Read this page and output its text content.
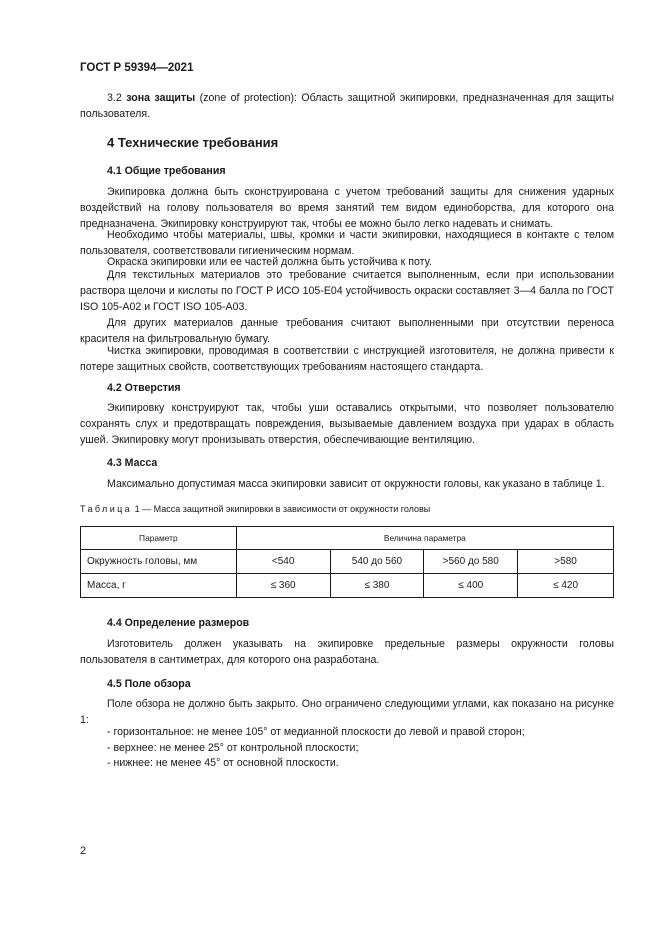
ГОСТ Р 59394—2021
3.2 зона защиты (zone of protection): Область защитной экипировки, предназначенная для защиты пользователя.
4 Технические требования
4.1 Общие требования
Экипировка должна быть сконструирована с учетом требований защиты для снижения ударных воздействий на голову пользователя во время занятий тем видом единоборства, для которого она предназначена. Экипировку конструируют так, чтобы ее можно было легко надевать и снимать.
Необходимо чтобы материалы, швы, кромки и части экипировки, находящиеся в контакте с телом пользователя, соответствовали гигиеническим нормам.
Окраска экипировки или ее частей должна быть устойчива к поту.
Для текстильных материалов это требование считается выполненным, если при использовании раствора щелочи и кислоты по ГОСТ Р ИСО 105-Е04 устойчивость окраски составляет 3—4 балла по ГОСТ ISO 105-A02 и ГОСТ ISO 105-A03.
Для других материалов данные требования считают выполненными при отсутствии переноса красителя на фильтровальную бумагу.
Чистка экипировки, проводимая в соответствии с инструкцией изготовителя, не должна привести к потере защитных свойств, соответствующих требованиям настоящего стандарта.
4.2 Отверстия
Экипировку конструируют так, чтобы уши оставались открытыми, что позволяет пользователю сохранять слух и предотвращать повреждения, вызываемые давлением воздуха при ударах в область ушей. Экипировку могут пронизывать отверстия, обеспечивающие вентиляцию.
4.3 Масса
Максимально допустимая масса экипировки зависит от окружности головы, как указано в таблице 1.
Таблица 1 — Масса защитной экипировки в зависимости от окружности головы
Параметр	Величина параметра			
Окружность головы, мм	<540	540 до 560	>560 до 580	>580
Масса, г	≤ 360	≤ 380	≤ 400	≤ 420
4.4 Определение размеров
Изготовитель должен указывать на экипировке предельные размеры окружности головы пользователя в сантиметрах, для которого она разработана.
4.5 Поле обзора
Поле обзора не должно быть закрыто. Оно ограничено следующими углами, как показано на рисунке 1:
- горизонтальное: не менее 105° от медианной плоскости до левой и правой сторон;
- верхнее: не менее 25° от контрольной плоскости;
- нижнее: не менее 45° от основной плоскости.
2
